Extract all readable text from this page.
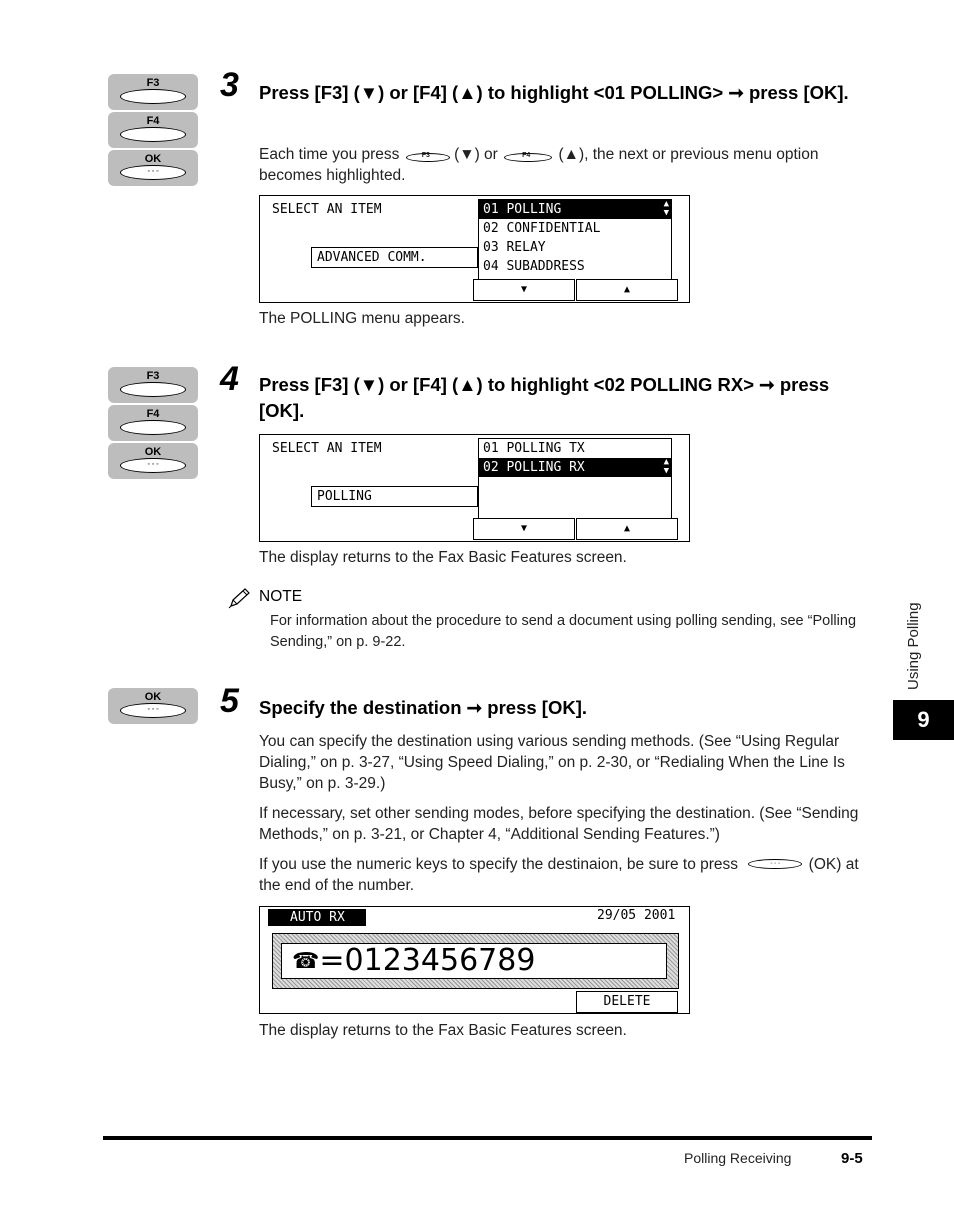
F3
F4
OK
◦ ◦ ◦
3 Press [F3] (▼) or [F4] (▲) to highlight <01 POLLING> ➞ press [OK].
Each time you press	F3 (▼) or	F4 (▲), the next or previous menu option becomes highlighted.
SELECT AN ITEM
ADVANCED COMM.
01 POLLING	▲
▼
02 CONFIDENTIAL
03 RELAY
04 SUBADDRESS
▼	▲
The POLLING menu appears.
F3
F4
OK
◦ ◦ ◦
4 Press [F3] (▼) or [F4] (▲) to highlight <02 POLLING RX> ➞ press [OK].
SELECT AN ITEM
POLLING
01 POLLING TX
02 POLLING RX	▲
▼
▼	▲
The display returns to the Fax Basic Features screen.
NOTE
For information about the procedure to send a document using polling sending, see “Polling Sending,” on p. 9-22.
OK
◦ ◦ ◦	5 Specify the destination ➞ press [OK].
You can specify the destination using various sending methods. (See “Using Regular Dialing,” on p. 3-27, “Using Speed Dialing,” on p. 2-30, or “Redialing When the Line Is Busy,” on p. 3-29.)
If necessary, set other sending modes, before specifying the destination. (See “Sending Methods,” on p. 3-21, or Chapter 4, “Additional Sending Features.”)
If you use the numeric keys to specify the destinaion, be sure to press	◦ ◦ ◦	(OK) at the end of the number.
AUTO RX	29/05 2001
☎=0123456789
DELETE
The display returns to the Fax Basic Features screen.
Using Polling
9
Polling Receiving	9-5
